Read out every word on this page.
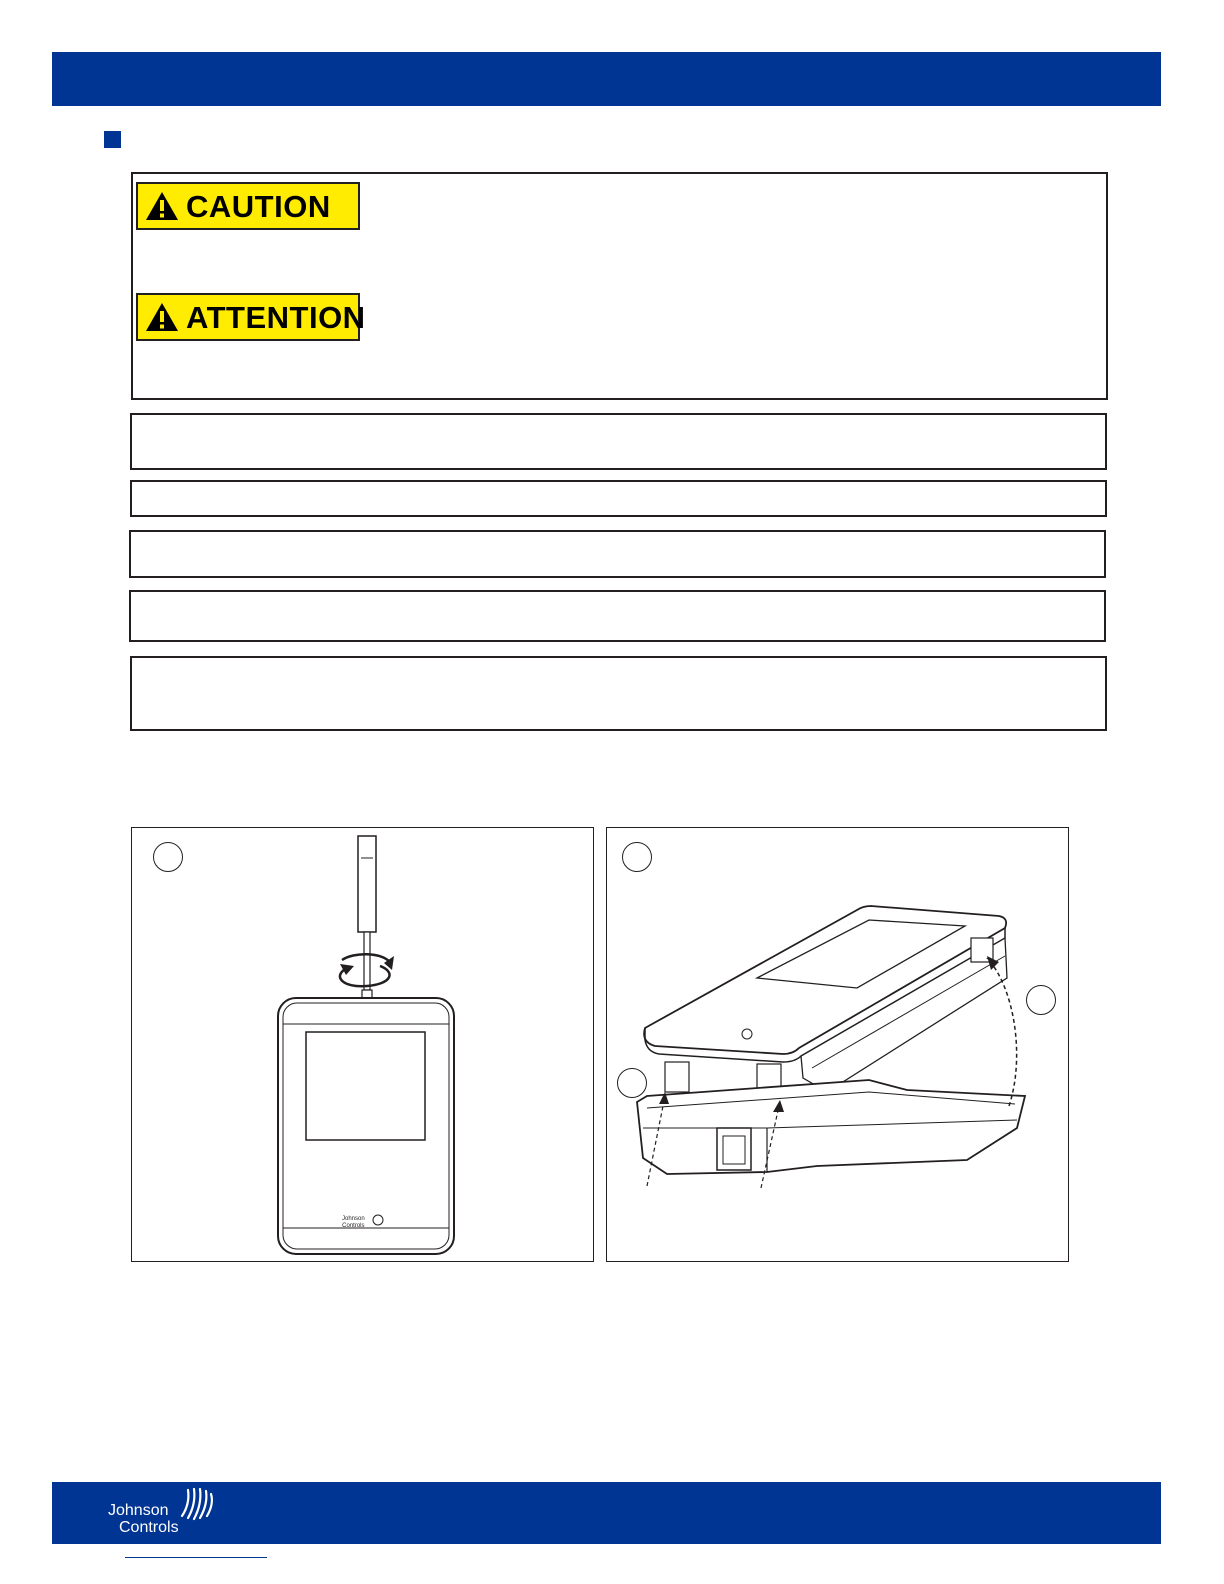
CAUTION
ATTENTION
Johnson
Controls
Johnson
Controls
